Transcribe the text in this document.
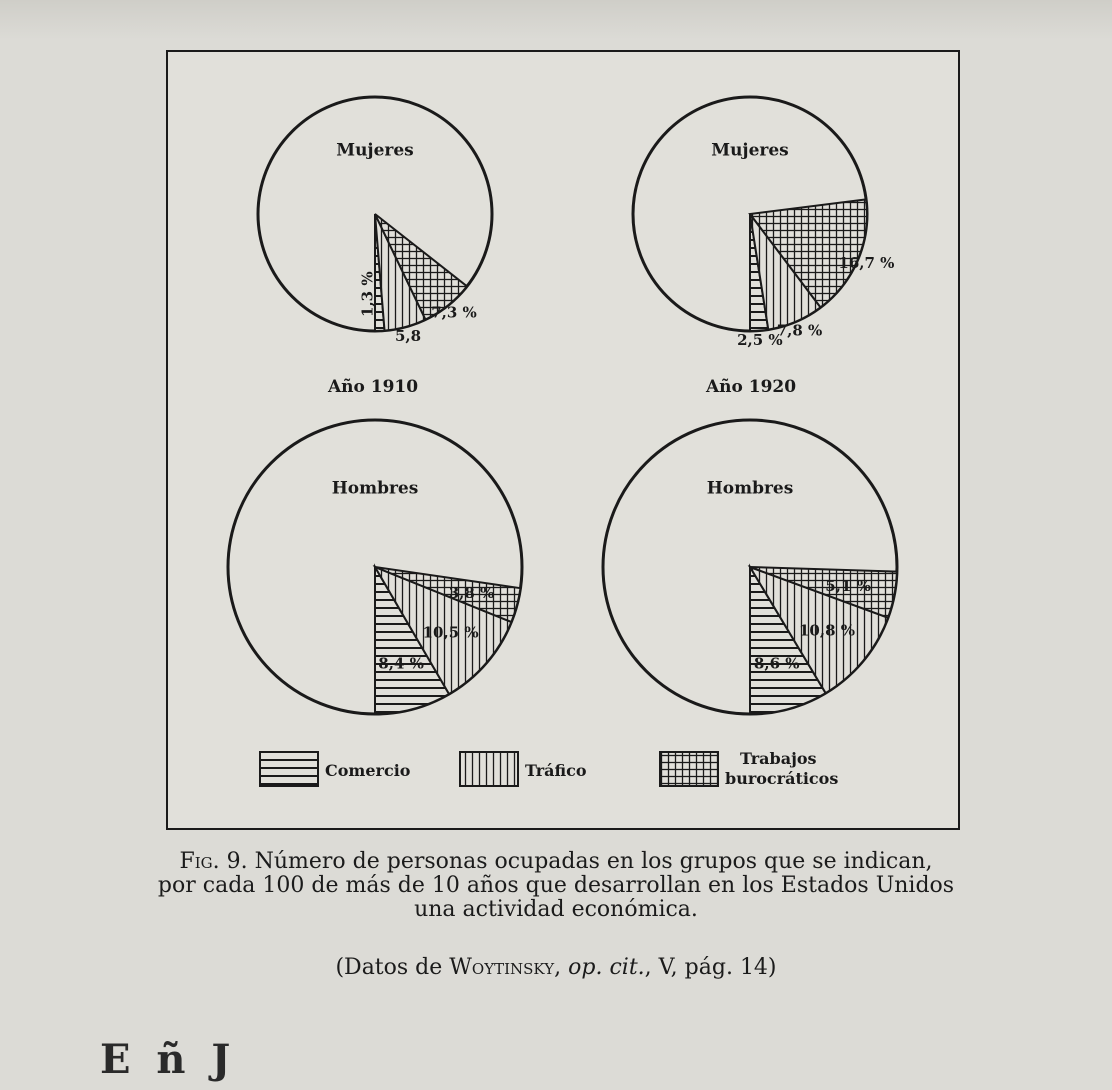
1,3 %
5,8
7,3 %
Mujeres
2,5 %
7,8 %
16,7 %
Mujeres
8,4 %
10,5 %
3,8 %
Hombres
8,6 %
10,8 %
5,1 %
Hombres
Año 1910	Año 1920
Comercio	Tráfico
Trabajos burocráticos
Fig. 9. Número de personas ocupadas en los grupos que se indican,
por cada 100 de más de 10 años que desarrollan en los Estados Unidos
una actividad económica.
(Datos de Woytinsky, op. cit., V, pág. 14)
E ñ J
